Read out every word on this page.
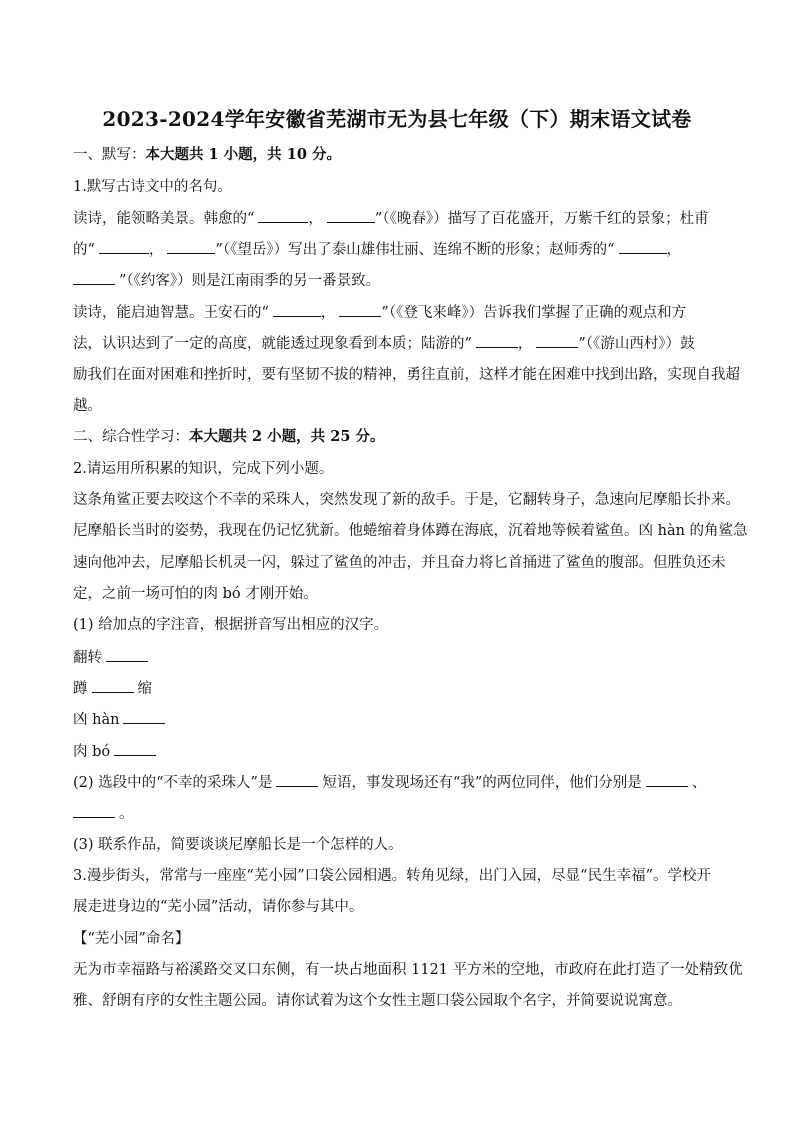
2023-2024学年安徽省芜湖市无为县七年级（下）期末语文试卷
一、默写：本大题共 1 小题，共 10 分。
1.默写古诗文中的名句。
读诗，能领略美景。韩愈的“	，	”（《晚春》）描写了百花盛开，万紫千红的景象；杜甫
的“	，	”（《望岳》）写出了泰山雄伟壮丽、连绵不断的形象；赵师秀的“	，
”（《约客》）则是江南雨季的另一番景致。
读诗，能启迪智慧。王安石的“	，	”（《登飞来峰》）告诉我们掌握了正确的观点和方
法，认识达到了一定的高度，就能透过现象看到本质；陆游的“	，	”（《游山西村》）鼓
励我们在面对困难和挫折时，要有坚韧不拔的精神，勇往直前，这样才能在困难中找到出路，实现自我超
越。
二、综合性学习：本大题共 2 小题，共 25 分。
2.请运用所积累的知识，完成下列小题。
这条角鲨正要去咬这个不幸的采珠人，突然发现了新的敌手。于是，它翻转身子，急速向尼摩船长扑来。
尼摩船长当时的姿势，我现在仍记忆犹新。他蜷缩着身体蹲在海底，沉着地等候着鲨鱼。凶 hàn 的角鲨急
速向他冲去，尼摩船长机灵一闪，躲过了鲨鱼的冲击，并且奋力将匕首捅进了鲨鱼的腹部。但胜负还未
定，之前一场可怕的肉 bó 才刚开始。
(1) 给加点的字注音，根据拼音写出相应的汉字。
翻转
蹲	缩
凶 hàn
肉 bó
(2) 选段中的“不幸的采珠人”是	短语，事发现场还有“我”的两位同伴，他们分别是	、
。
(3) 联系作品，简要谈谈尼摩船长是一个怎样的人。
3.漫步街头，常常与一座座“芜小园”口袋公园相遇。转角见绿，出门入园，尽显“民生幸福”。学校开
展走进身边的“芜小园”活动，请你参与其中。
【“芜小园”命名】
无为市幸福路与裕溪路交叉口东侧，有一块占地面积 1121 平方米的空地，市政府在此打造了一处精致优
雅、舒朗有序的女性主题公园。请你试着为这个女性主题口袋公园取个名字，并简要说说寓意。
